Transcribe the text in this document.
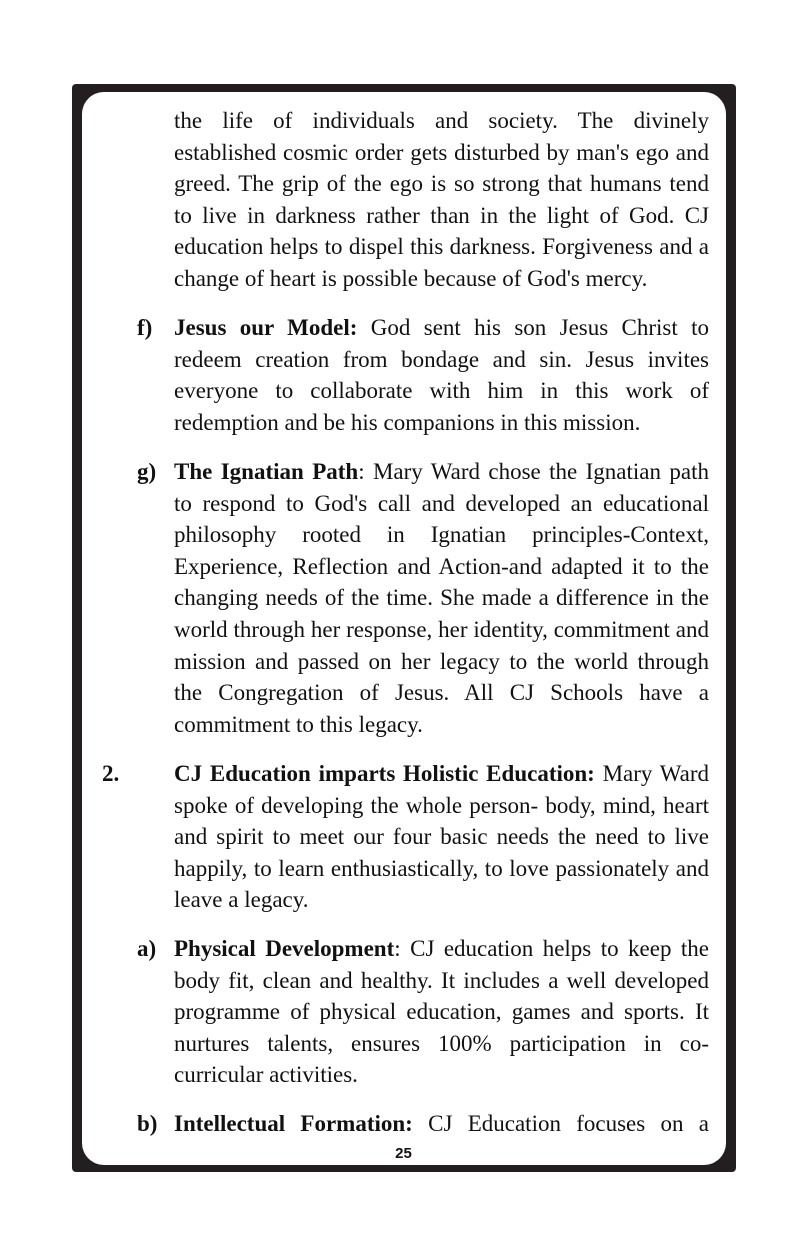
the life of individuals and society. The divinely established cosmic order gets disturbed by man's ego and greed. The grip of the ego is so strong that humans tend to live in darkness rather than in the light of God. CJ education helps to dispel this darkness. Forgiveness and a change of heart is possible because of God's mercy.

f) Jesus our Model: God sent his son Jesus Christ to redeem creation from bondage and sin. Jesus invites everyone to collaborate with him in this work of redemption and be his companions in this mission.

g) The Ignatian Path: Mary Ward chose the Ignatian path to respond to God's call and developed an educational philosophy rooted in Ignatian principles-Context, Experience, Reflection and Action-and adapted it to the changing needs of the time. She made a difference in the world through her response, her identity, commitment and mission and passed on her legacy to the world through the Congregation of Jesus. All CJ Schools have a commitment to this legacy.

2. CJ Education imparts Holistic Education: Mary Ward spoke of developing the whole person- body, mind, heart and spirit to meet our four basic needs the need to live happily, to learn enthusiastically, to love passionately and leave a legacy.

a) Physical Development: CJ education helps to keep the body fit, clean and healthy. It includes a well developed programme of physical education, games and sports. It nurtures talents, ensures 100% participation in co-curricular activities.

b) Intellectual Formation: CJ Education focuses on a

25
